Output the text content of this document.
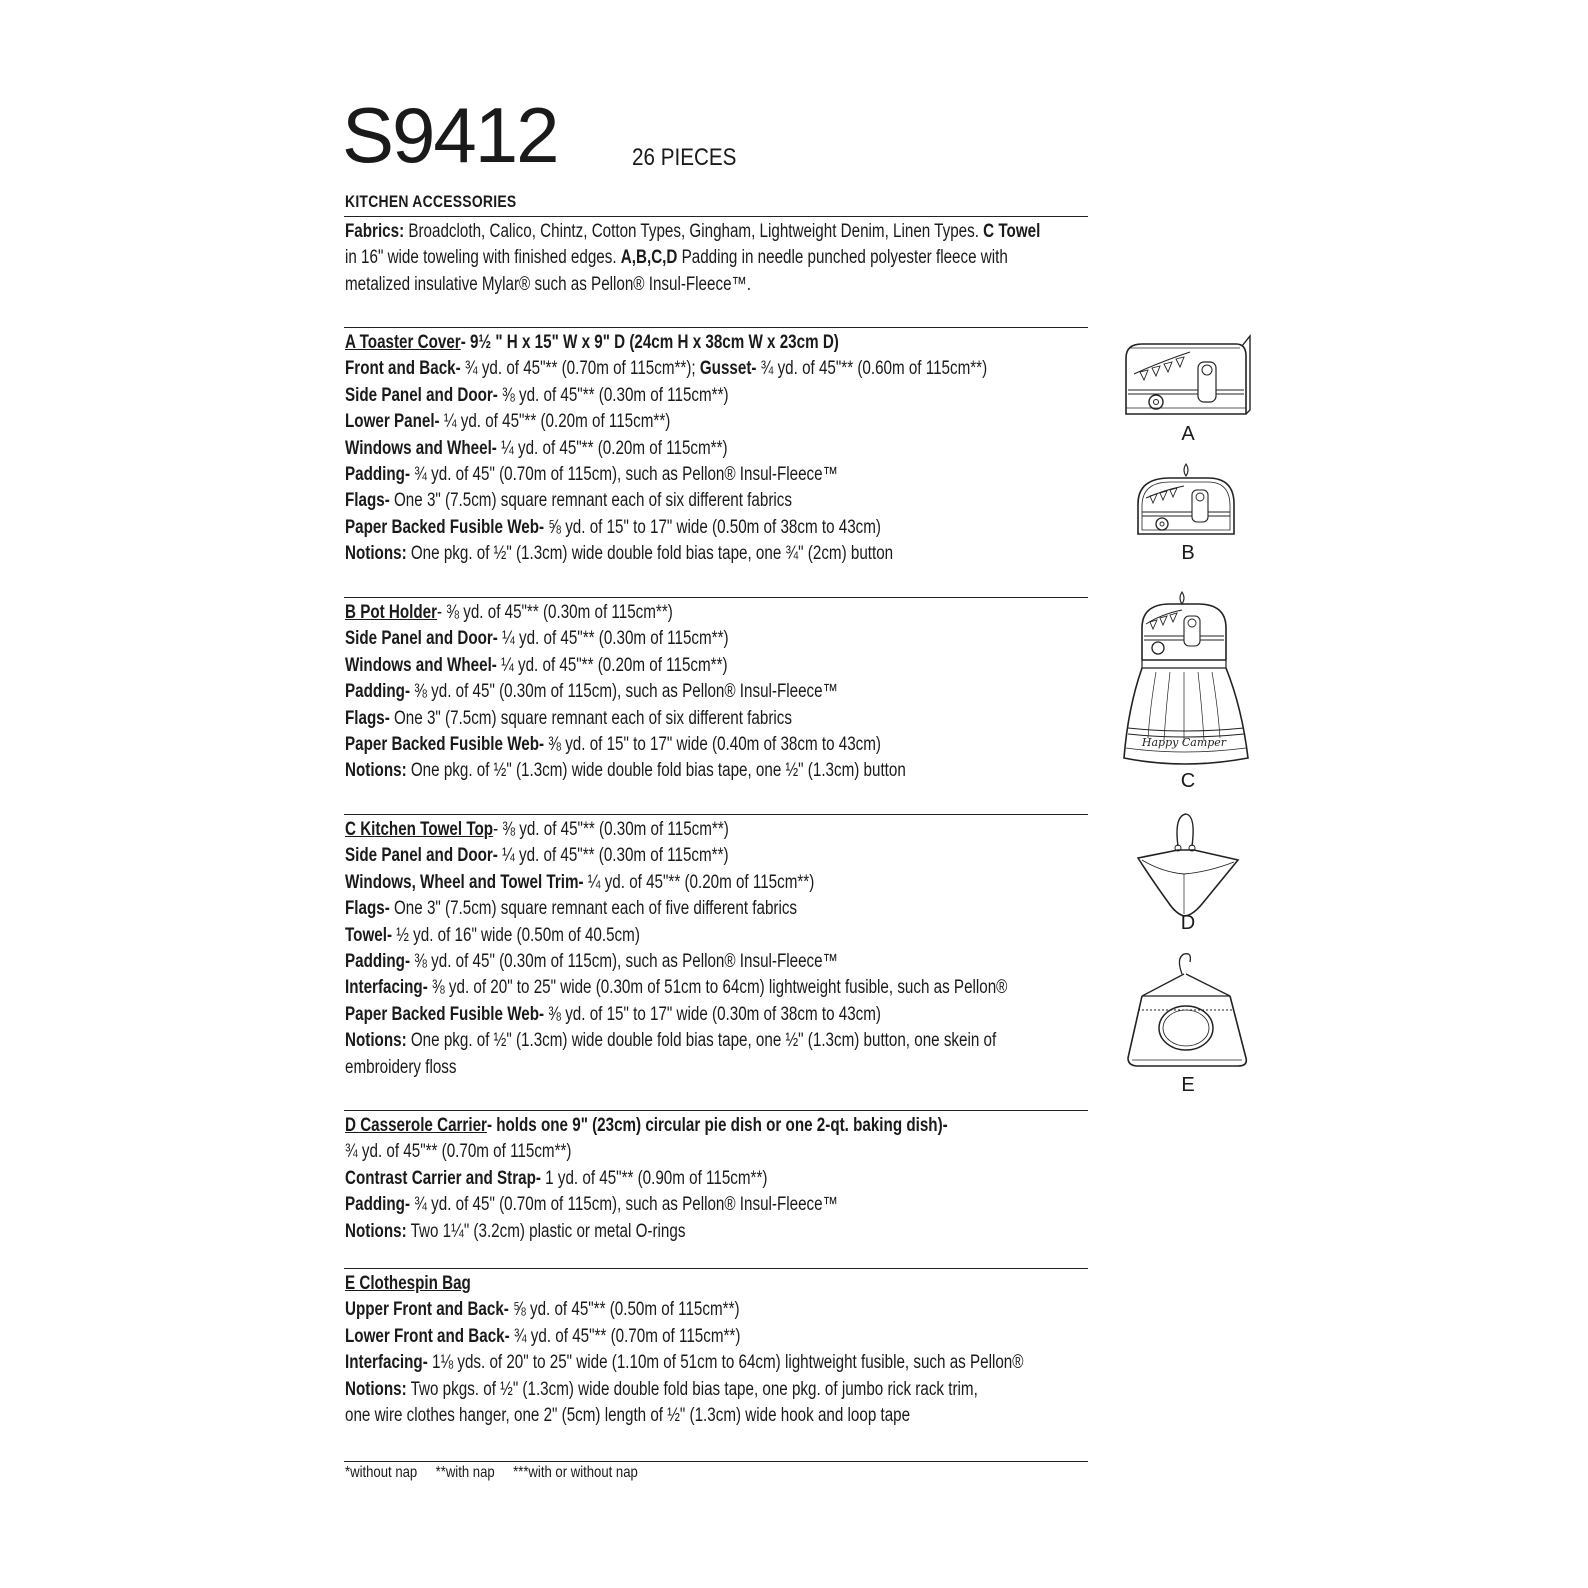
S9412	26 PIECES
KITCHEN ACCESSORIES
Fabrics: Broadcloth, Calico, Chintz, Cotton Types, Gingham, Lightweight Denim, Linen Types. C Towel
in 16" wide toweling with finished edges. A,B,C,D Padding in needle punched polyester fleece with
metalized insulative Mylar® such as Pellon® Insul-Fleece™.
A Toaster Cover- 9½ " H x 15" W x 9" D (24cm H x 38cm W x 23cm D)
Front and Back- ¾ yd. of 45"** (0.70m of 115cm**); Gusset- ¾ yd. of 45"** (0.60m of 115cm**)
Side Panel and Door- ⅜ yd. of 45"** (0.30m of 115cm**)
Lower Panel- ¼ yd. of 45"** (0.20m of 115cm**)
Windows and Wheel- ¼ yd. of 45"** (0.20m of 115cm**)
Padding- ¾ yd. of 45" (0.70m of 115cm), such as Pellon® Insul-Fleece™
Flags- One 3" (7.5cm) square remnant each of six different fabrics
Paper Backed Fusible Web- ⅝ yd. of 15" to 17" wide (0.50m of 38cm to 43cm)
Notions: One pkg. of ½" (1.3cm) wide double fold bias tape, one ¾" (2cm) button
B Pot Holder- ⅜ yd. of 45"** (0.30m of 115cm**)
Side Panel and Door- ¼ yd. of 45"** (0.30m of 115cm**)
Windows and Wheel- ¼ yd. of 45"** (0.20m of 115cm**)
Padding- ⅜ yd. of 45" (0.30m of 115cm), such as Pellon® Insul-Fleece™
Flags- One 3" (7.5cm) square remnant each of six different fabrics
Paper Backed Fusible Web- ⅜ yd. of 15" to 17" wide (0.40m of 38cm to 43cm)
Notions: One pkg. of ½" (1.3cm) wide double fold bias tape, one ½" (1.3cm) button
C Kitchen Towel Top- ⅜ yd. of 45"** (0.30m of 115cm**)
Side Panel and Door- ¼ yd. of 45"** (0.30m of 115cm**)
Windows, Wheel and Towel Trim- ¼ yd. of 45"** (0.20m of 115cm**)
Flags- One 3" (7.5cm) square remnant each of five different fabrics
Towel- ½ yd. of 16" wide (0.50m of 40.5cm)
Padding- ⅜ yd. of 45" (0.30m of 115cm), such as Pellon® Insul-Fleece™
Interfacing- ⅜ yd. of 20" to 25" wide (0.30m of 51cm to 64cm) lightweight fusible, such as Pellon®
Paper Backed Fusible Web- ⅜ yd. of 15" to 17" wide (0.30m of 38cm to 43cm)
Notions: One pkg. of ½" (1.3cm) wide double fold bias tape, one ½" (1.3cm) button, one skein of
embroidery floss
D Casserole Carrier- holds one 9" (23cm) circular pie dish or one 2-qt. baking dish)-
¾ yd. of 45"** (0.70m of 115cm**)
Contrast Carrier and Strap- 1 yd. of 45"** (0.90m of 115cm**)
Padding- ¾ yd. of 45" (0.70m of 115cm), such as Pellon® Insul-Fleece™
Notions: Two 1¼" (3.2cm) plastic or metal O-rings
E Clothespin Bag
Upper Front and Back- ⅝ yd. of 45"** (0.50m of 115cm**)
Lower Front and Back- ¾ yd. of 45"** (0.70m of 115cm**)
Interfacing- 1⅛ yds. of 20" to 25" wide (1.10m of 51cm to 64cm) lightweight fusible, such as Pellon®
Notions: Two pkgs. of ½" (1.3cm) wide double fold bias tape, one pkg. of jumbo rick rack trim,
one wire clothes hanger, one 2" (5cm) length of ½" (1.3cm) wide hook and loop tape
*without nap **with nap ***with or without nap
A
B
Happy Camper
C
D
E
